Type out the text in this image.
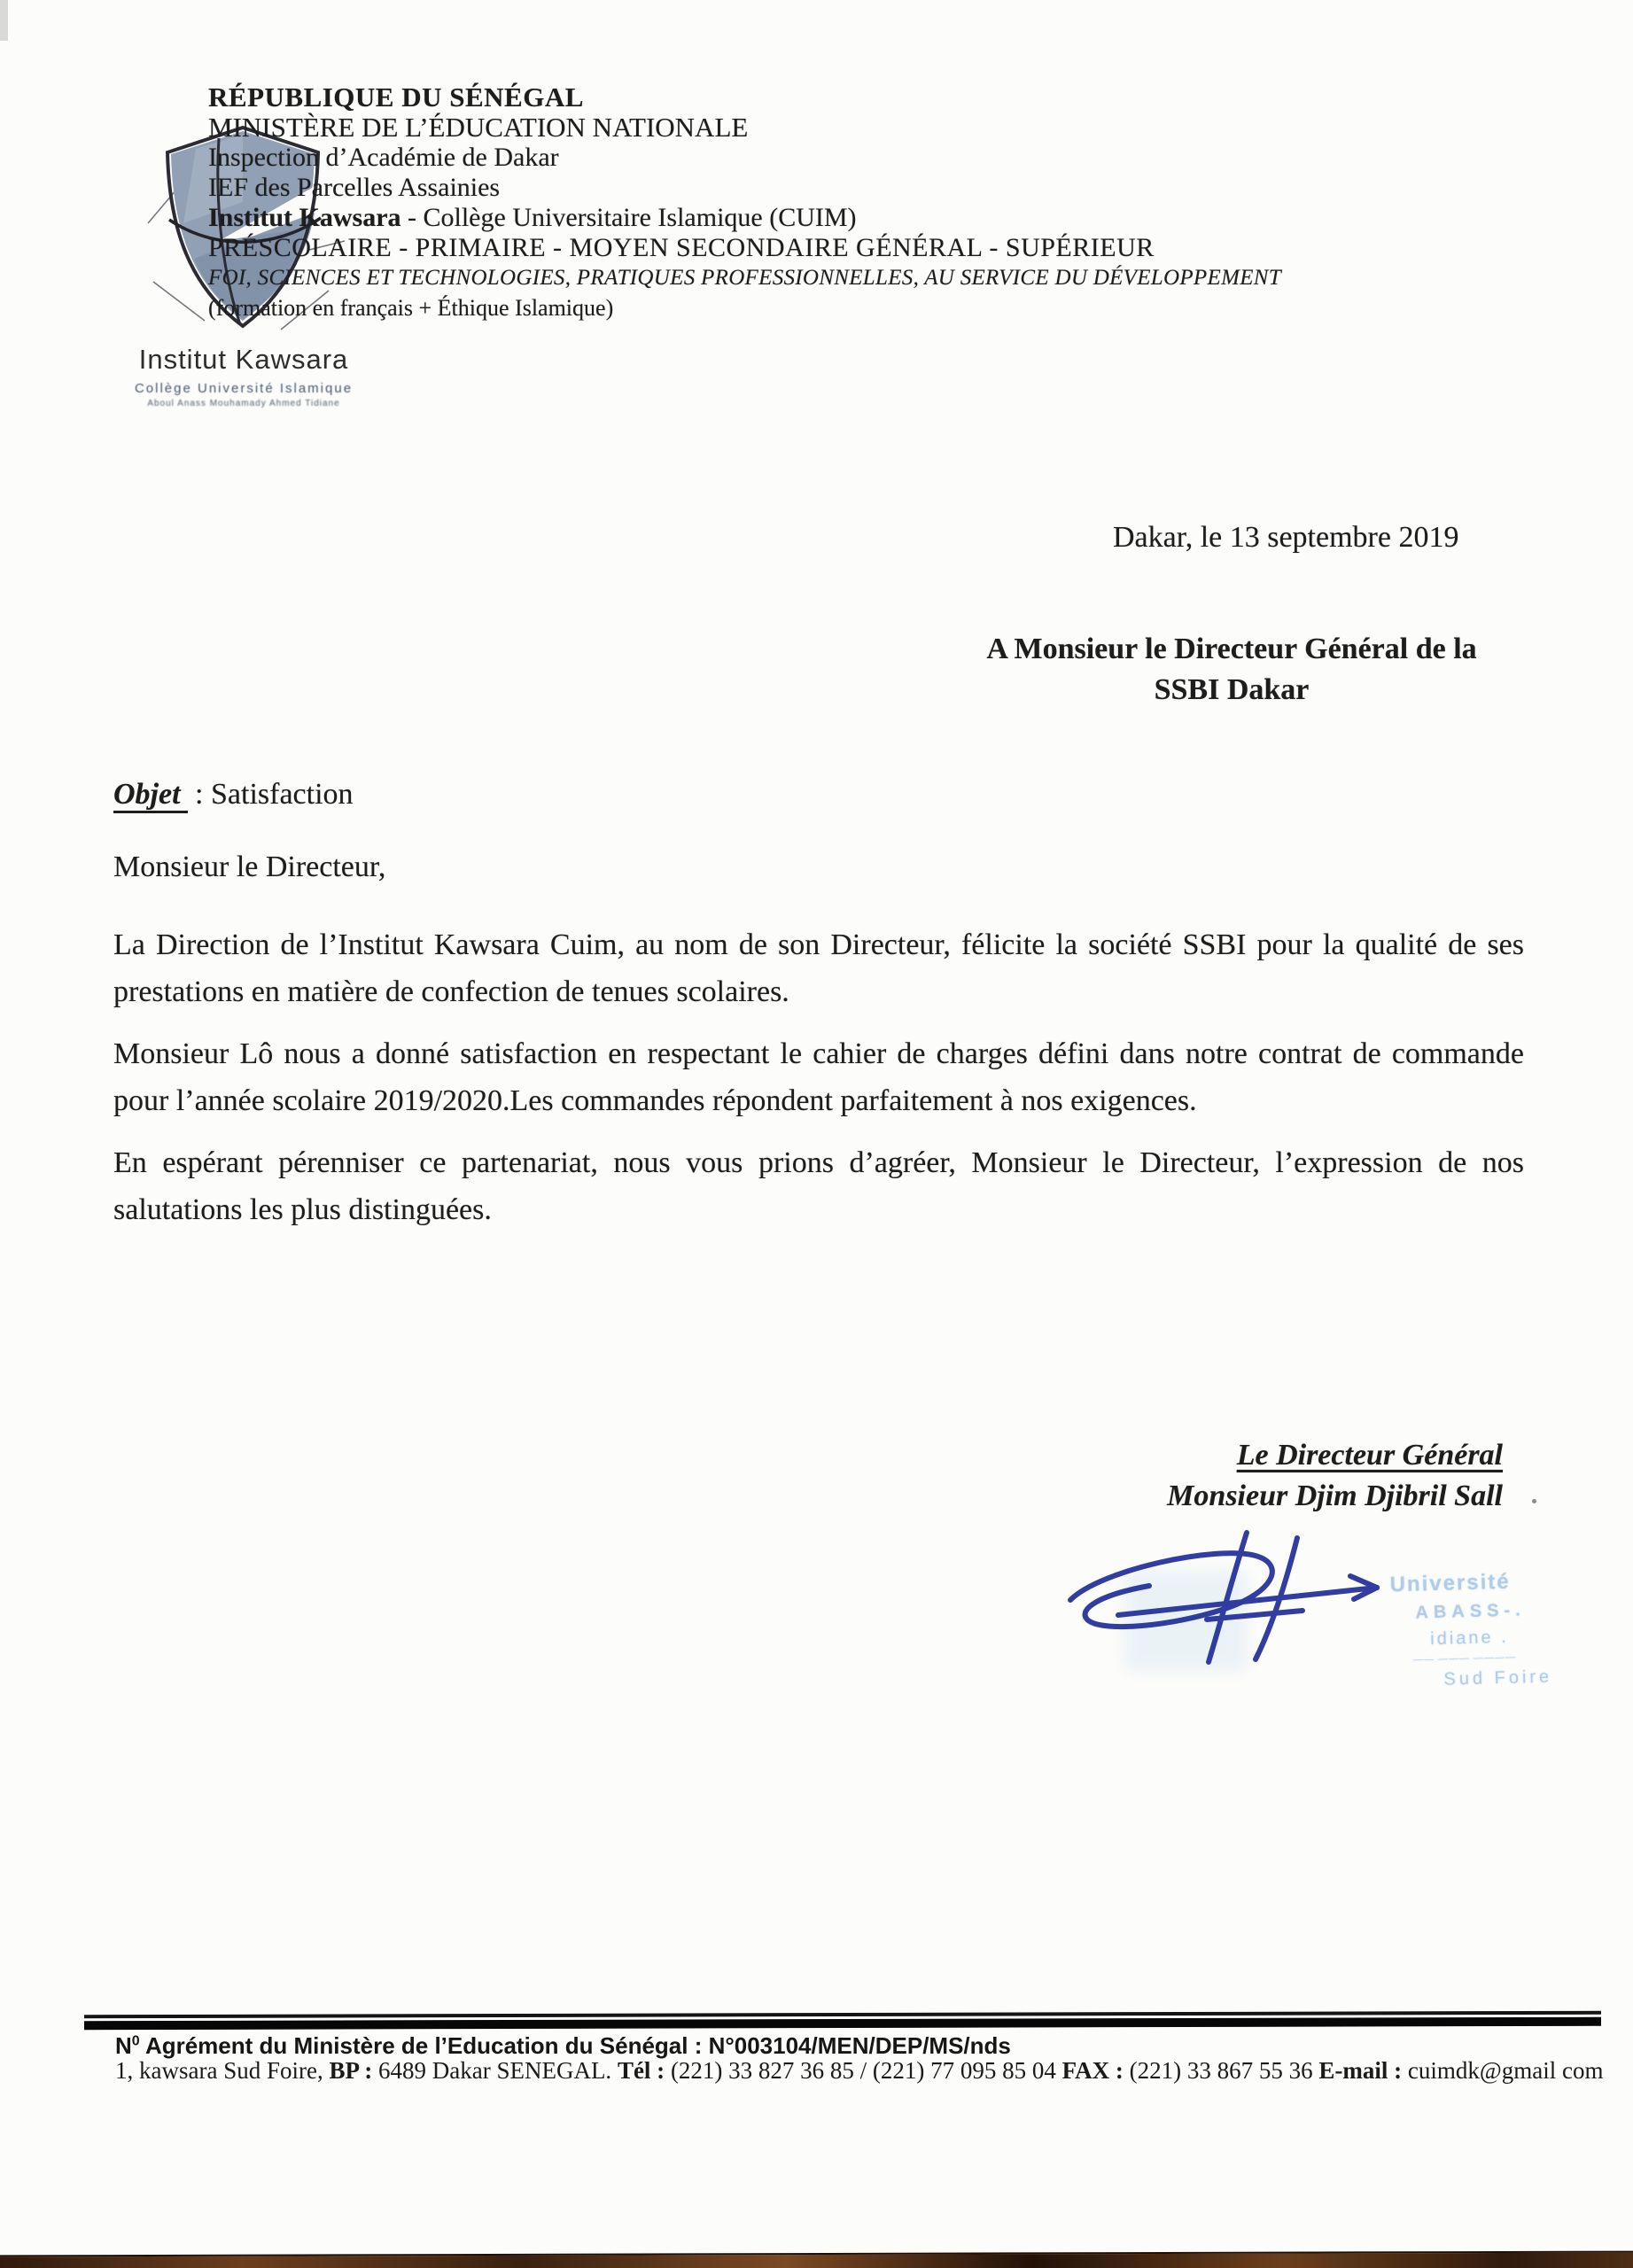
Institut Kawsara
Collège Université Islamique
Aboul Anass Mouhamady Ahmed Tidiane
RÉPUBLIQUE DU SÉNÉGAL
MINISTÈRE DE L’ÉDUCATION NATIONALE
Inspection d’Académie de Dakar
IEF des Parcelles Assainies
Institut Kawsara - Collège Universitaire Islamique (CUIM)
PRÉSCOLAIRE - PRIMAIRE - MOYEN SECONDAIRE GÉNÉRAL - SUPÉRIEUR
FOI, SCIENCES ET TECHNOLOGIES, PRATIQUES PROFESSIONNELLES, AU SERVICE DU DÉVELOPPEMENT
(formation en français + Éthique Islamique)
Dakar, le 13 septembre 2019
A Monsieur le Directeur Général de la
SSBI Dakar
Objet : Satisfaction
Monsieur le Directeur,
La Direction de l’Institut Kawsara Cuim, au nom de son Directeur, félicite la société SSBI pour la qualité de ses prestations en matière de confection de tenues scolaires.
Monsieur Lô nous a donné satisfaction en respectant le cahier de charges défini dans notre contrat de commande pour l’année scolaire 2019/2020.Les commandes répondent parfaitement à nos exigences.
En espérant pérenniser ce partenariat, nous vous prions d’agréer, Monsieur le Directeur, l’expression de nos salutations les plus distinguées.
Le Directeur Général
Monsieur Djim Djibril Sall
Université
ABASS-.
idiane .
—— ——— ————
Sud Foire
$N^0$ Agrément du Ministère de l’Education du Sénégal : N°003104/MEN/DEP/MS/nds
1, kawsara Sud Foire, BP : 6489 Dakar SENEGAL. Tél : (221) 33 827 36 85 / (221) 77 095 85 04 FAX : (221) 33 867 55 36 E-mail : cuimdk@gmail com
